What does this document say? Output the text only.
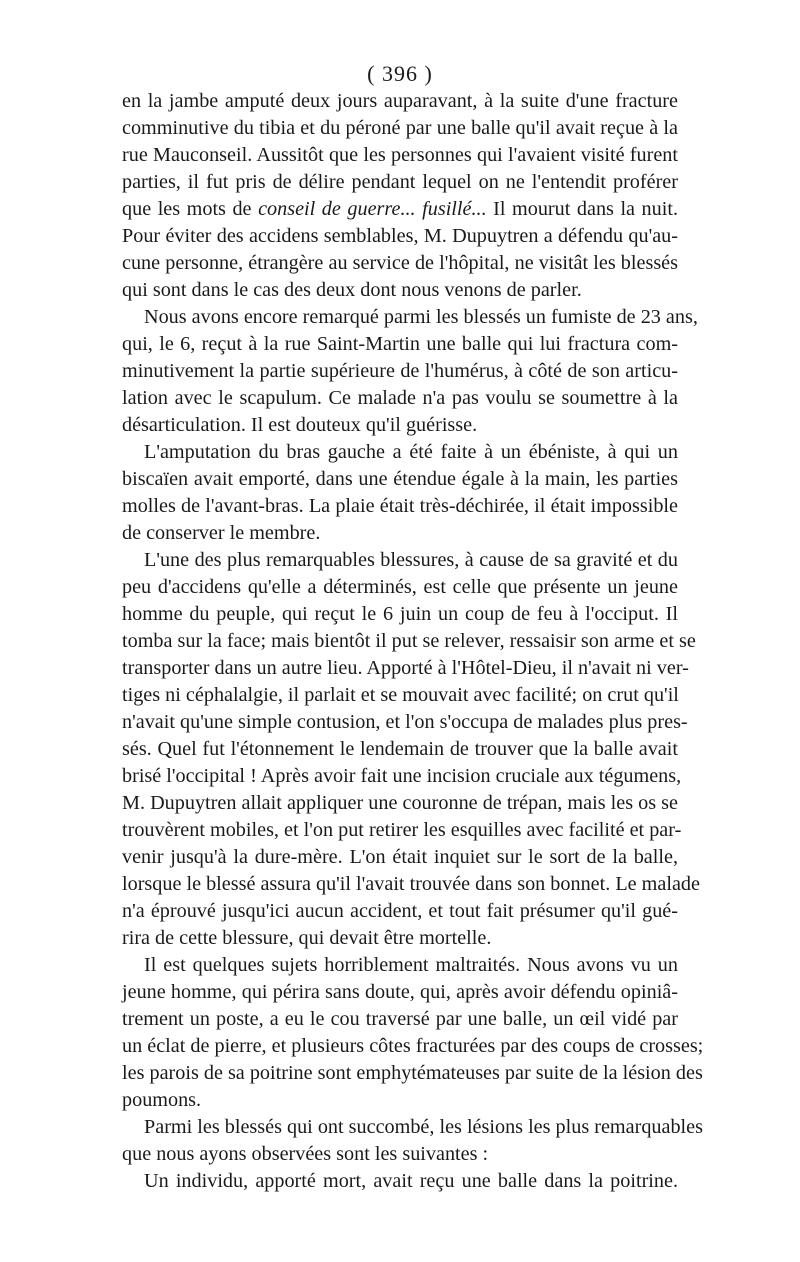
( 396 )
en la jambe amputé deux jours auparavant, à la suite d'une fracture
comminutive du tibia et du péroné par une balle qu'il avait reçue à la
rue Mauconseil. Aussitôt que les personnes qui l'avaient visité furent
parties, il fut pris de délire pendant lequel on ne l'entendit proférer
que les mots de conseil de guerre... fusillé... Il mourut dans la nuit.
Pour éviter des accidens semblables, M. Dupuytren a défendu qu'au-
cune personne, étrangère au service de l'hôpital, ne visitât les blessés
qui sont dans le cas des deux dont nous venons de parler.
Nous avons encore remarqué parmi les blessés un fumiste de 23 ans,
qui, le 6, reçut à la rue Saint-Martin une balle qui lui fractura com-
minutivement la partie supérieure de l'humérus, à côté de son articu-
lation avec le scapulum. Ce malade n'a pas voulu se soumettre à la
désarticulation. Il est douteux qu'il guérisse.
L'amputation du bras gauche a été faite à un ébéniste, à qui un
biscaïen avait emporté, dans une étendue égale à la main, les parties
molles de l'avant-bras. La plaie était très-déchirée, il était impossible
de conserver le membre.
L'une des plus remarquables blessures, à cause de sa gravité et du
peu d'accidens qu'elle a déterminés, est celle que présente un jeune
homme du peuple, qui reçut le 6 juin un coup de feu à l'occiput. Il
tomba sur la face; mais bientôt il put se relever, ressaisir son arme et se
transporter dans un autre lieu. Apporté à l'Hôtel-Dieu, il n'avait ni ver-
tiges ni céphalalgie, il parlait et se mouvait avec facilité; on crut qu'il
n'avait qu'une simple contusion, et l'on s'occupa de malades plus pres-
sés. Quel fut l'étonnement le lendemain de trouver que la balle avait
brisé l'occipital ! Après avoir fait une incision cruciale aux tégumens,
M. Dupuytren allait appliquer une couronne de trépan, mais les os se
trouvèrent mobiles, et l'on put retirer les esquilles avec facilité et par-
venir jusqu'à la dure-mère. L'on était inquiet sur le sort de la balle,
lorsque le blessé assura qu'il l'avait trouvée dans son bonnet. Le malade
n'a éprouvé jusqu'ici aucun accident, et tout fait présumer qu'il gué-
rira de cette blessure, qui devait être mortelle.
Il est quelques sujets horriblement maltraités. Nous avons vu un
jeune homme, qui périra sans doute, qui, après avoir défendu opiniâ-
trement un poste, a eu le cou traversé par une balle, un œil vidé par
un éclat de pierre, et plusieurs côtes fracturées par des coups de crosses;
les parois de sa poitrine sont emphytémateuses par suite de la lésion des
poumons.
Parmi les blessés qui ont succombé, les lésions les plus remarquables
que nous ayons observées sont les suivantes :
Un individu, apporté mort, avait reçu une balle dans la poitrine.
